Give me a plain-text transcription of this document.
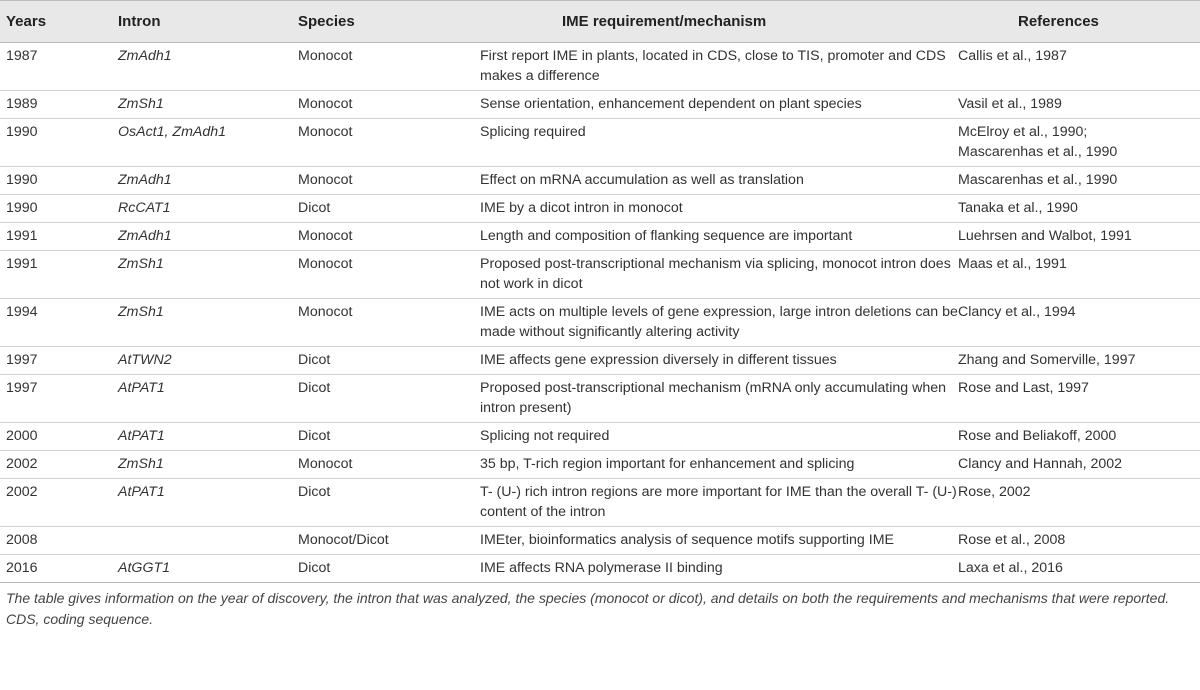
Years	Intron	Species	IME requirement/mechanism	References
1987	ZmAdh1	Monocot	First report IME in plants, located in CDS, close to TIS, promoter and CDS makes a difference	Callis et al., 1987

1989	ZmSh1	Monocot	Sense orientation, enhancement dependent on plant species	Vasil et al., 1989

1990	OsAct1, ZmAdh1	Monocot	Splicing required	McElroy et al., 1990;
Mascarenhas et al., 1990

1990	ZmAdh1	Monocot	Effect on mRNA accumulation as well as translation	Mascarenhas et al., 1990

1990	RcCAT1	Dicot	IME by a dicot intron in monocot	Tanaka et al., 1990

1991	ZmAdh1	Monocot	Length and composition of flanking sequence are important	Luehrsen and Walbot, 1991

1991	ZmSh1	Monocot	Proposed post-transcriptional mechanism via splicing, monocot intron does not work in dicot	Maas et al., 1991

1994	ZmSh1	Monocot	IME acts on multiple levels of gene expression, large intron deletions can be made without significantly altering activity	Clancy et al., 1994

1997	AtTWN2	Dicot	IME affects gene expression diversely in different tissues	Zhang and Somerville, 1997

1997	AtPAT1	Dicot	Proposed post-transcriptional mechanism (mRNA only accumulating when intron present)	Rose and Last, 1997

2000	AtPAT1	Dicot	Splicing not required	Rose and Beliakoff, 2000

2002	ZmSh1	Monocot	35 bp, T-rich region important for enhancement and splicing	Clancy and Hannah, 2002

2002	AtPAT1	Dicot	T- (U-) rich intron regions are more important for IME than the overall T- (U-) content of the intron	Rose, 2002

2008		Monocot/Dicot	IMEter, bioinformatics analysis of sequence motifs supporting IME	Rose et al., 2008

2016	AtGGT1	Dicot	IME affects RNA polymerase II binding	Laxa et al., 2016
The table gives information on the year of discovery, the intron that was analyzed, the species (monocot or dicot), and details on both the requirements and mechanisms that were reported. CDS, coding sequence.
